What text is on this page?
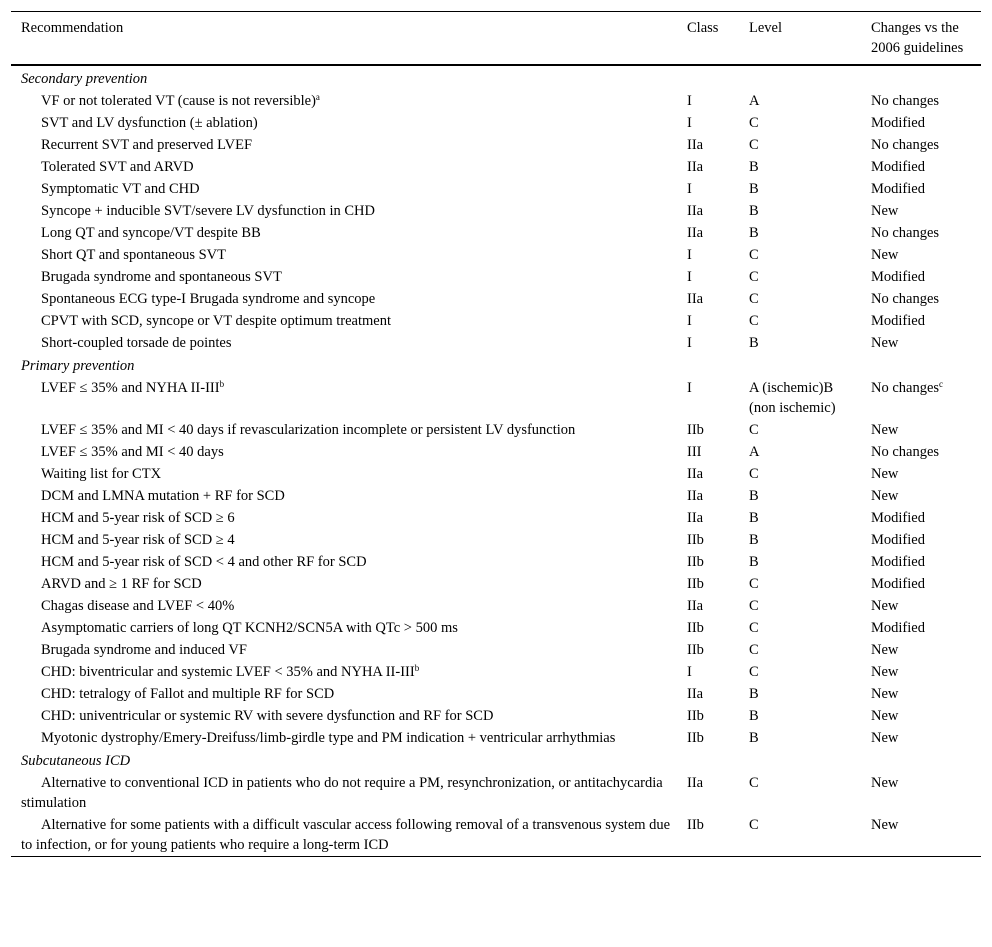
Recommendation	Class	Level	Changes vs the 2006 guidelines
Secondary prevention			
VF or not tolerated VT (cause is not reversible)$^a$	I	A	No changes
SVT and LV dysfunction (± ablation)	I	C	Modified
Recurrent SVT and preserved LVEF	IIa	C	No changes
Tolerated SVT and ARVD	IIa	B	Modified
Symptomatic VT and CHD	I	B	Modified
Syncope + inducible SVT/severe LV dysfunction in CHD	IIa	B	New
Long QT and syncope/VT despite BB	IIa	B	No changes
Short QT and spontaneous SVT	I	C	New
Brugada syndrome and spontaneous SVT	I	C	Modified
Spontaneous ECG type-I Brugada syndrome and syncope	IIa	C	No changes
CPVT with SCD, syncope or VT despite optimum treatment	I	C	Modified
Short-coupled torsade de pointes	I	B	New
Primary prevention			
LVEF ≤ 35% and NYHA II-III$^b$	I	A (ischemic)B (non ischemic)	No changes$^c$
LVEF ≤ 35% and MI < 40 days if revascularization incomplete or persistent LV dysfunction	IIb	C	New
LVEF ≤ 35% and MI < 40 days	III	A	No changes
Waiting list for CTX	IIa	C	New
DCM and LMNA mutation + RF for SCD	IIa	B	New
HCM and 5-year risk of SCD ≥ 6	IIa	B	Modified
HCM and 5-year risk of SCD ≥ 4	IIb	B	Modified
HCM and 5-year risk of SCD < 4 and other RF for SCD	IIb	B	Modified
ARVD and ≥ 1 RF for SCD	IIb	C	Modified
Chagas disease and LVEF < 40%	IIa	C	New
Asymptomatic carriers of long QT KCNH2/SCN5A with QTc > 500 ms	IIb	C	Modified
Brugada syndrome and induced VF	IIb	C	New
CHD: biventricular and systemic LVEF < 35% and NYHA II-III$^b$	I	C	New
CHD: tetralogy of Fallot and multiple RF for SCD	IIa	B	New
CHD: univentricular or systemic RV with severe dysfunction and RF for SCD	IIb	B	New
Myotonic dystrophy/Emery-Dreifuss/limb-girdle type and PM indication + ventricular arrhythmias	IIb	B	New
Subcutaneous ICD			
Alternative to conventional ICD in patients who do not require a PM, resynchronization, or antitachycardia stimulation	IIa	C	New
Alternative for some patients with a difficult vascular access following removal of a transvenous system due to infection, or for young patients who require a long-term ICD	IIb	C	New
